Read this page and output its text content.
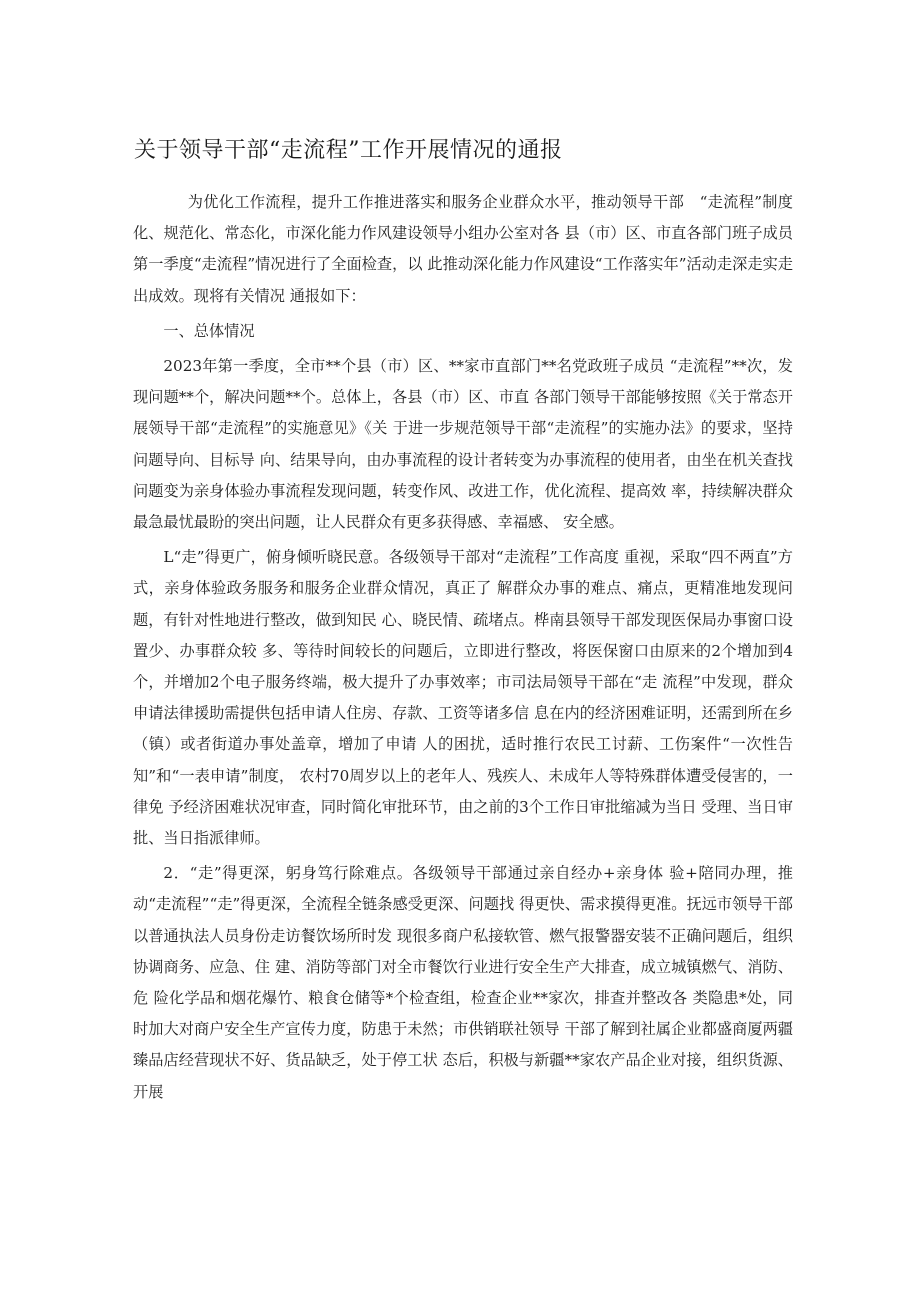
关于领导干部“走流程”工作开展情况的通报

为优化工作流程，提升工作推进落实和服务企业群众水平，推动领导干部　“走流程”制度化、规范化、常态化，市深化能力作风建设领导小组办公室对各 县（市）区、市直各部门班子成员第一季度“走流程”情况进行了全面检查，以 此推动深化能力作风建设“工作落实年”活动走深走实走出成效。现将有关情况 通报如下：

一、总体情况

2023年第一季度，全市**个县（市）区、**家市直部门**名党政班子成员 “走流程”**次，发现问题**个，解决问题**个。总体上，各县（市）区、市直 各部门领导干部能够按照《关于常态开展领导干部“走流程”的实施意见》《关 于进一步规范领导干部“走流程”的实施办法》的要求，坚持问题导向、目标导 向、结果导向，由办事流程的设计者转变为办事流程的使用者，由坐在机关查找 问题变为亲身体验办事流程发现问题，转变作风、改进工作，优化流程、提高效 率，持续解决群众最急最忧最盼的突出问题，让人民群众有更多获得感、幸福感、 安全感。

L“走”得更广，俯身倾听晓民意。各级领导干部对“走流程”工作高度 重视，采取“四不两直”方式，亲身体验政务服务和服务企业群众情况，真正了 解群众办事的难点、痛点，更精准地发现问题，有针对性地进行整改，做到知民 心、晓民情、疏堵点。桦南县领导干部发现医保局办事窗口设置少、办事群众较 多、等待时间较长的问题后，立即进行整改，将医保窗口由原来的2个增加到4 个，并增加2个电子服务终端，极大提升了办事效率；市司法局领导干部在“走 流程”中发现，群众申请法律援助需提供包括申请人住房、存款、工资等诸多信 息在内的经济困难证明，还需到所在乡（镇）或者街道办事处盖章，增加了申请 人的困扰，适时推行农民工讨薪、工伤案件“一次性告知”和“一表申请”制度， 农村70周岁以上的老年人、残疾人、未成年人等特殊群体遭受侵害的，一律免 予经济困难状况审查，同时简化审批环节，由之前的3个工作日审批缩减为当日 受理、当日审批、当日指派律师。

2．“走”得更深，躬身笃行除难点。各级领导干部通过亲自经办+亲身体 验+陪同办理，推动“走流程”“走”得更深，全流程全链条感受更深、问题找 得更快、需求摸得更准。抚远市领导干部以普通执法人员身份走访餐饮场所时发 现很多商户私接软管、燃气报警器安装不正确问题后，组织协调商务、应急、住 建、消防等部门对全市餐饮行业进行安全生产大排查，成立城镇燃气、消防、危 险化学品和烟花爆竹、粮食仓储等*个检查组，检查企业**家次，排查并整改各 类隐患*处，同时加大对商户安全生产宣传力度，防患于未然；市供销联社领导 干部了解到社属企业都盛商厦两疆臻品店经营现状不好、货品缺乏，处于停工状 态后，积极与新疆**家农产品企业对接，组织货源、开展
